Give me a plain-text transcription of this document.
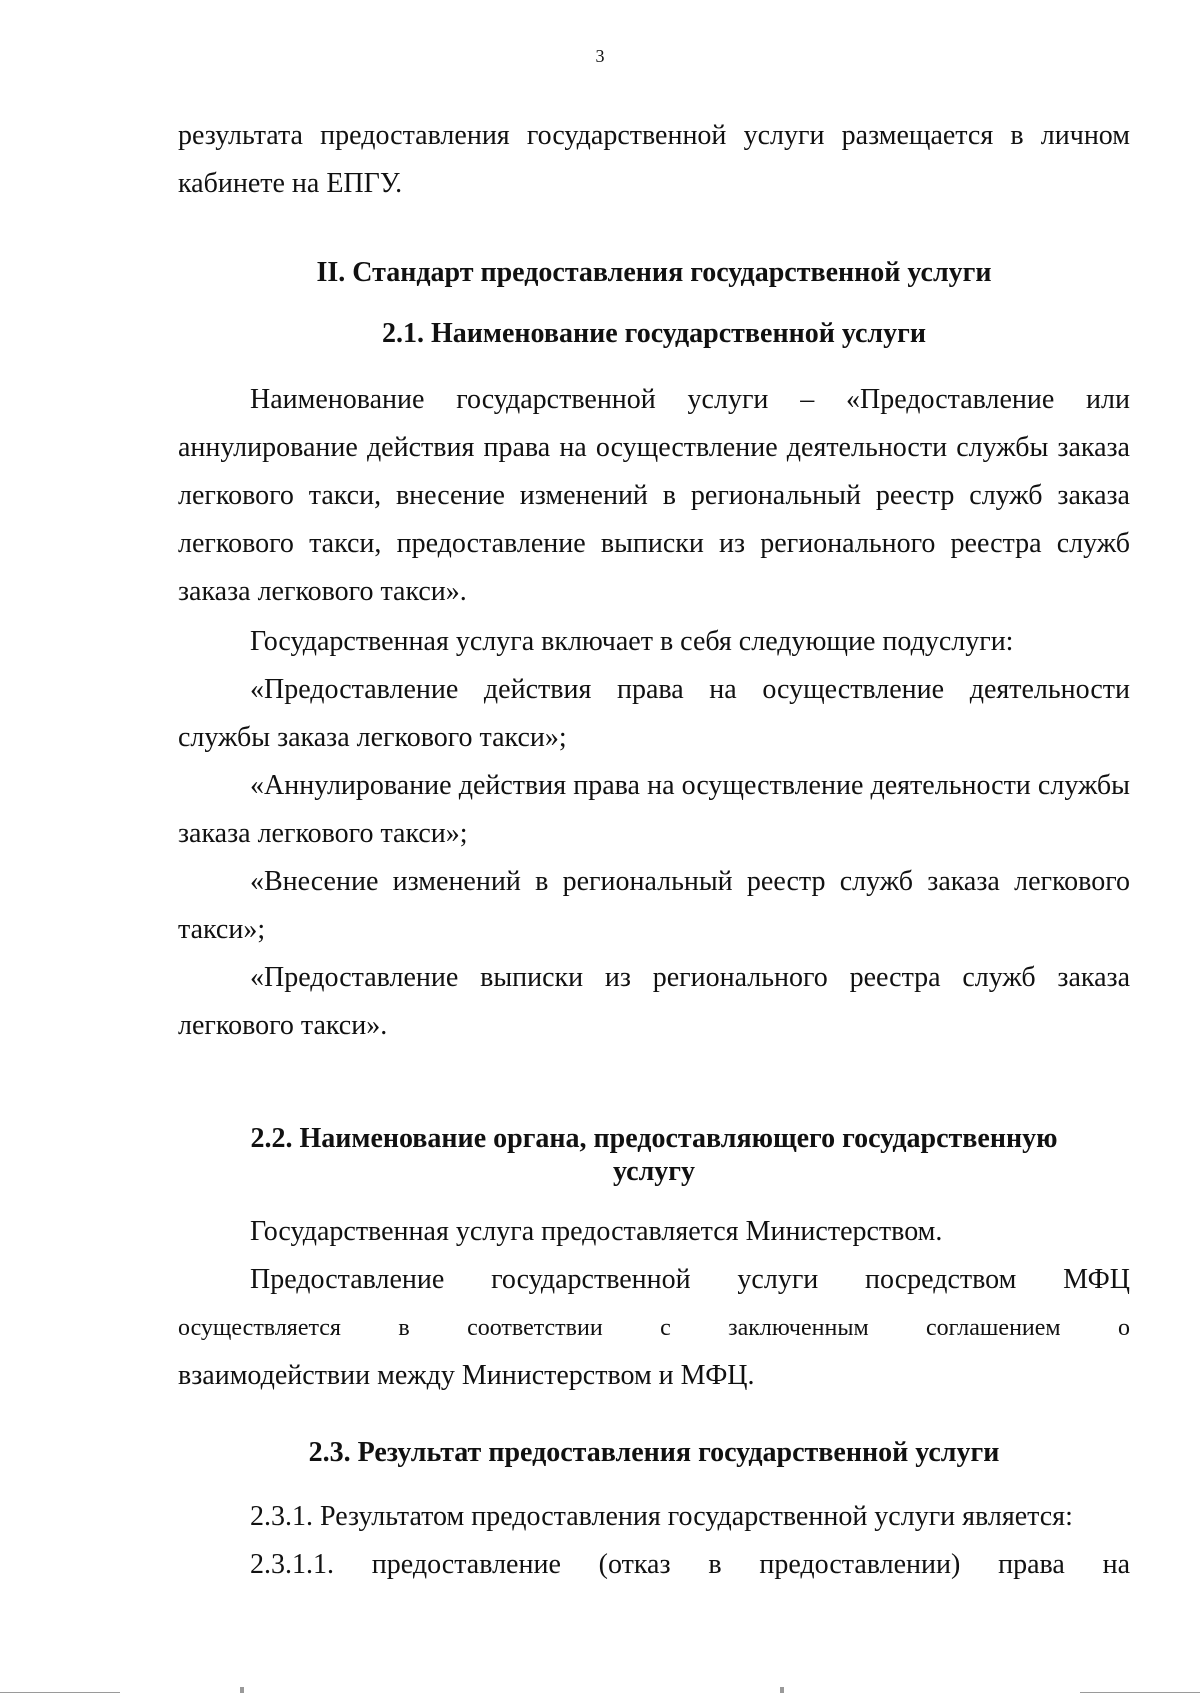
3

результата предоставления государственной услуги размещается в личном кабинете на ЕПГУ.

II. Стандарт предоставления государственной услуги
2.1. Наименование государственной услуги

Наименование государственной услуги – «Предоставление или аннулирование действия права на осуществление деятельности службы заказа легкового такси, внесение изменений в региональный реестр служб заказа легкового такси, предоставление выписки из регионального реестра служб заказа легкового такси».

Государственная услуга включает в себя следующие подуслуги:

«Предоставление действия права на осуществление деятельности службы заказа легкового такси»;

«Аннулирование действия права на осуществление деятельности службы заказа легкового такси»;

«Внесение изменений в региональный реестр служб заказа легкового такси»;

«Предоставление выписки из регионального реестра служб заказа легкового такси».

2.2. Наименование органа, предоставляющего государственную
услугу

Государственная услуга предоставляется Министерством.

Предоставление государственной услуги посредством МФЦ
осуществляется в соответствии с заключенным соглашением о
взаимодействии между Министерством и МФЦ.
2.3. Результат предоставления государственной услуги

2.3.1. Результатом предоставления государственной услуги является:

2.3.1.1. предоставление (отказ в предоставлении) права на
